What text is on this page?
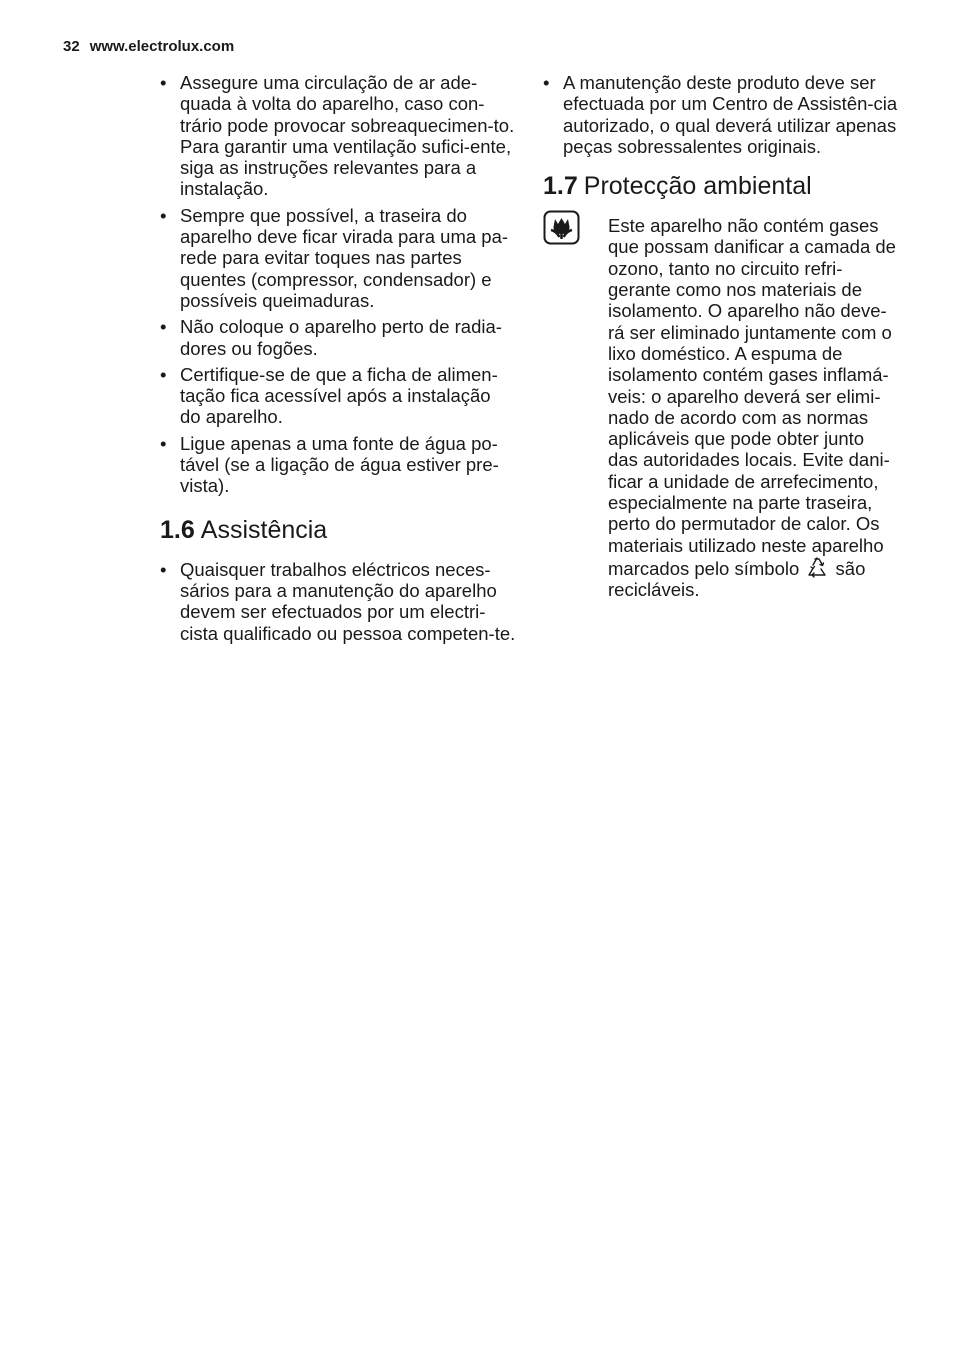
32 www.electrolux.com
• Assegure uma circulação de ar ade-quada à volta do aparelho, caso con-trário pode provocar sobreaquecimen-to. Para garantir uma ventilação sufici-ente, siga as instruções relevantes para a instalação.
• Sempre que possível, a traseira do aparelho deve ficar virada para uma pa-rede para evitar toques nas partes quentes (compressor, condensador) e possíveis queimaduras.
• Não coloque o aparelho perto de radia-dores ou fogões.
• Certifique-se de que a ficha de alimen-tação fica acessível após a instalação do aparelho.
• Ligue apenas a uma fonte de água po-tável (se a ligação de água estiver pre-vista).
1.6 Assistência
• Quaisquer trabalhos eléctricos neces-sários para a manutenção do aparelho devem ser efectuados por um electri-cista qualificado ou pessoa competen-te.
• A manutenção deste produto deve ser efectuada por um Centro de Assistên-cia autorizado, o qual deverá utilizar apenas peças sobressalentes originais.
1.7 Protecção ambiental
Este aparelho não contém gases que possam danificar a camada de ozono, tanto no circuito refri-gerante como nos materiais de isolamento. O aparelho não deve-rá ser eliminado juntamente com o lixo doméstico. A espuma de isolamento contém gases inflamá-veis: o aparelho deverá ser elimi-nado de acordo com as normas aplicáveis que pode obter junto das autoridades locais. Evite dani-ficar a unidade de arrefecimento, especialmente na parte traseira, perto do permutador de calor. Os materiais utilizado neste aparelho marcados pelo símbolo são recicláveis.
